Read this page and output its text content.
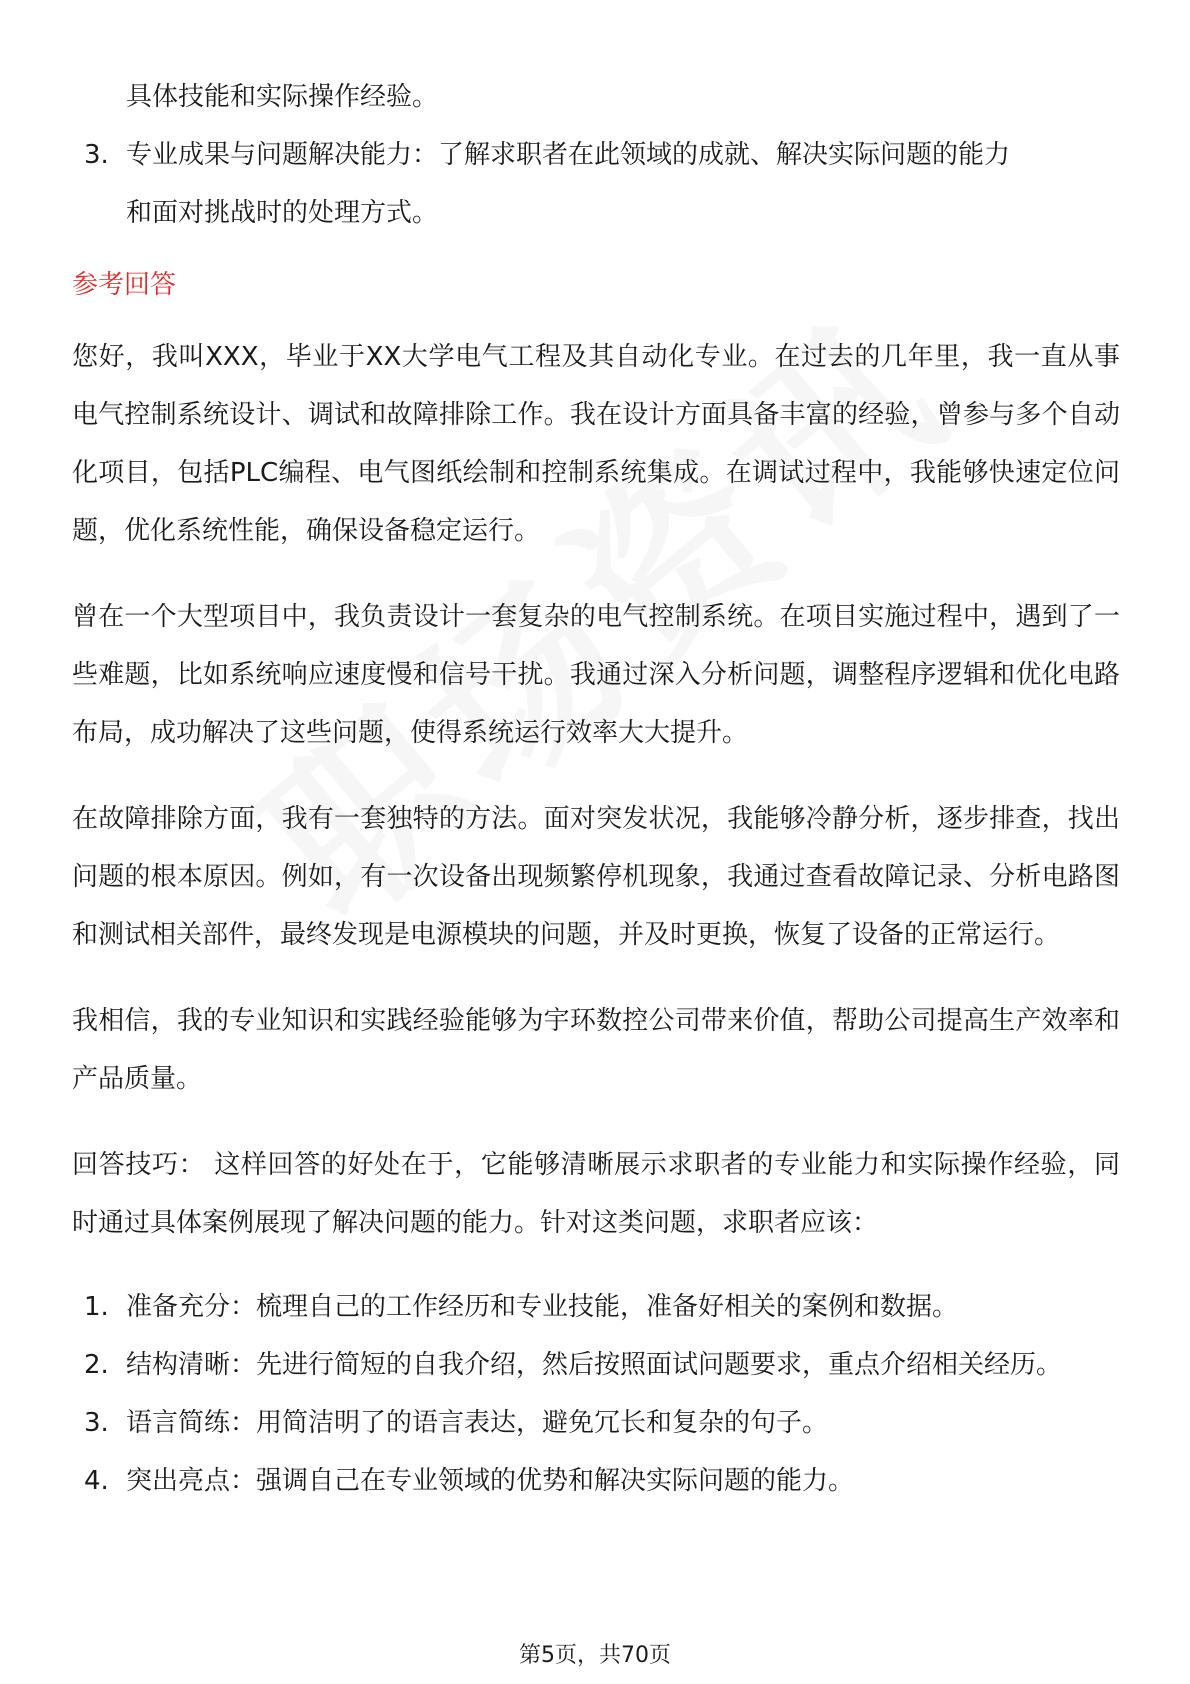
具体技能和实际操作经验。
3. 专业成果与问题解决能力：了解求职者在此领域的成就、解决实际问题的能力
和面对挑战时的处理方式。
参考回答

您好，我叫XXX，毕业于XX大学电气工程及其自动化专业。在过去的几年里，我一直从事电气控制系统设计、调试和故障排除工作。我在设计方面具备丰富的经验，曾参与多个自动化项目，包括PLC编程、电气图纸绘制和控制系统集成。在调试过程中，我能够快速定位问题，优化系统性能，确保设备稳定运行。

曾在一个大型项目中，我负责设计一套复杂的电气控制系统。在项目实施过程中，遇到了一些难题，比如系统响应速度慢和信号干扰。我通过深入分析问题，调整程序逻辑和优化电路布局，成功解决了这些问题，使得系统运行效率大大提升。

在故障排除方面，我有一套独特的方法。面对突发状况，我能够冷静分析，逐步排查，找出问题的根本原因。例如，有一次设备出现频繁停机现象，我通过查看故障记录、分析电路图和测试相关部件，最终发现是电源模块的问题，并及时更换，恢复了设备的正常运行。

我相信，我的专业知识和实践经验能够为宇环数控公司带来价值，帮助公司提高生产效率和产品质量。

回答技巧： 这样回答的好处在于，它能够清晰展示求职者的专业能力和实际操作经验，同时通过具体案例展现了解决问题的能力。针对这类问题，求职者应该：

1. 准备充分：梳理自己的工作经历和专业技能，准备好相关的案例和数据。
2. 结构清晰：先进行简短的自我介绍，然后按照面试问题要求，重点介绍相关经历。
3. 语言简练：用简洁明了的语言表达，避免冗长和复杂的句子。
4. 突出亮点：强调自己在专业领域的优势和解决实际问题的能力。
第5页，共70页
